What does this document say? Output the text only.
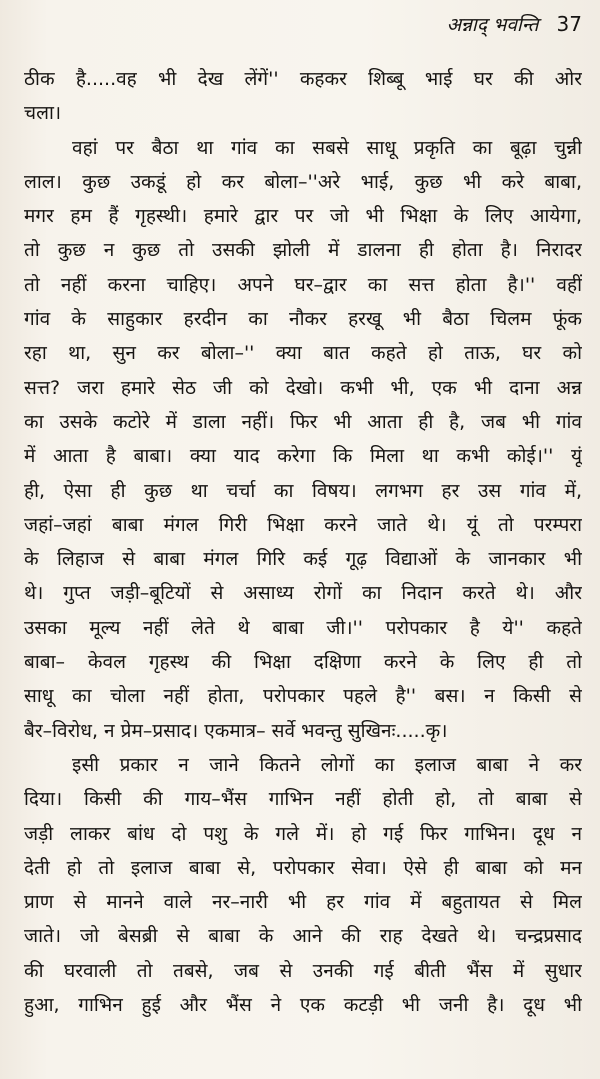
अन्नाद् भवन्ति 37
ठीक है.....वह भी देख लेंगें'' कहकर शिब्बू भाई घर की ओर
चला।
वहां पर बैठा था गांव का सबसे साधू प्रकृति का बूढ़ा चुन्नी
लाल। कुछ उकडूं हो कर बोला–''अरे भाई, कुछ भी करे बाबा,
मगर हम हैं गृहस्थी। हमारे द्वार पर जो भी भिक्षा के लिए आयेगा,
तो कुछ न कुछ तो उसकी झोली में डालना ही होता है। निरादर
तो नहीं करना चाहिए। अपने घर–द्वार का सत्त होता है।'' वहीं
गांव के साहुकार हरदीन का नौकर हरखू भी बैठा चिलम फूंक
रहा था, सुन कर बोला–'' क्या बात कहते हो ताऊ, घर को
सत्त? जरा हमारे सेठ जी को देखो। कभी भी, एक भी दाना अन्न
का उसके कटोरे में डाला नहीं। फिर भी आता ही है, जब भी गांव
में आता है बाबा। क्या याद करेगा कि मिला था कभी कोई।'' यूं
ही, ऐसा ही कुछ था चर्चा का विषय। लगभग हर उस गांव में,
जहां–जहां बाबा मंगल गिरी भिक्षा करने जाते थे। यूं तो परम्परा
के लिहाज से बाबा मंगल गिरि कई गूढ़ विद्याओं के जानकार भी
थे। गुप्त जड़ी–बूटियों से असाध्य रोगों का निदान करते थे। और
उसका मूल्य नहीं लेते थे बाबा जी।'' परोपकार है ये'' कहते
बाबा– केवल गृहस्थ की भिक्षा दक्षिणा करने के लिए ही तो
साधू का चोला नहीं होता, परोपकार पहले है'' बस। न किसी से
बैर–विरोध, न प्रेम–प्रसाद। एकमात्र– सर्वे भवन्तु सुखिनः.....कृ।
इसी प्रकार न जाने कितने लोगों का इलाज बाबा ने कर
दिया। किसी की गाय–भैंस गाभिन नहीं होती हो, तो बाबा से
जड़ी लाकर बांध दो पशु के गले में। हो गई फिर गाभिन। दूध न
देती हो तो इलाज बाबा से, परोपकार सेवा। ऐसे ही बाबा को मन
प्राण से मानने वाले नर–नारी भी हर गांव में बहुतायत से मिल
जाते। जो बेसब्री से बाबा के आने की राह देखते थे। चन्द्रप्रसाद
की घरवाली तो तबसे, जब से उनकी गई बीती भैंस में सुधार
हुआ, गाभिन हुई और भैंस ने एक कटड़ी भी जनी है। दूध भी
